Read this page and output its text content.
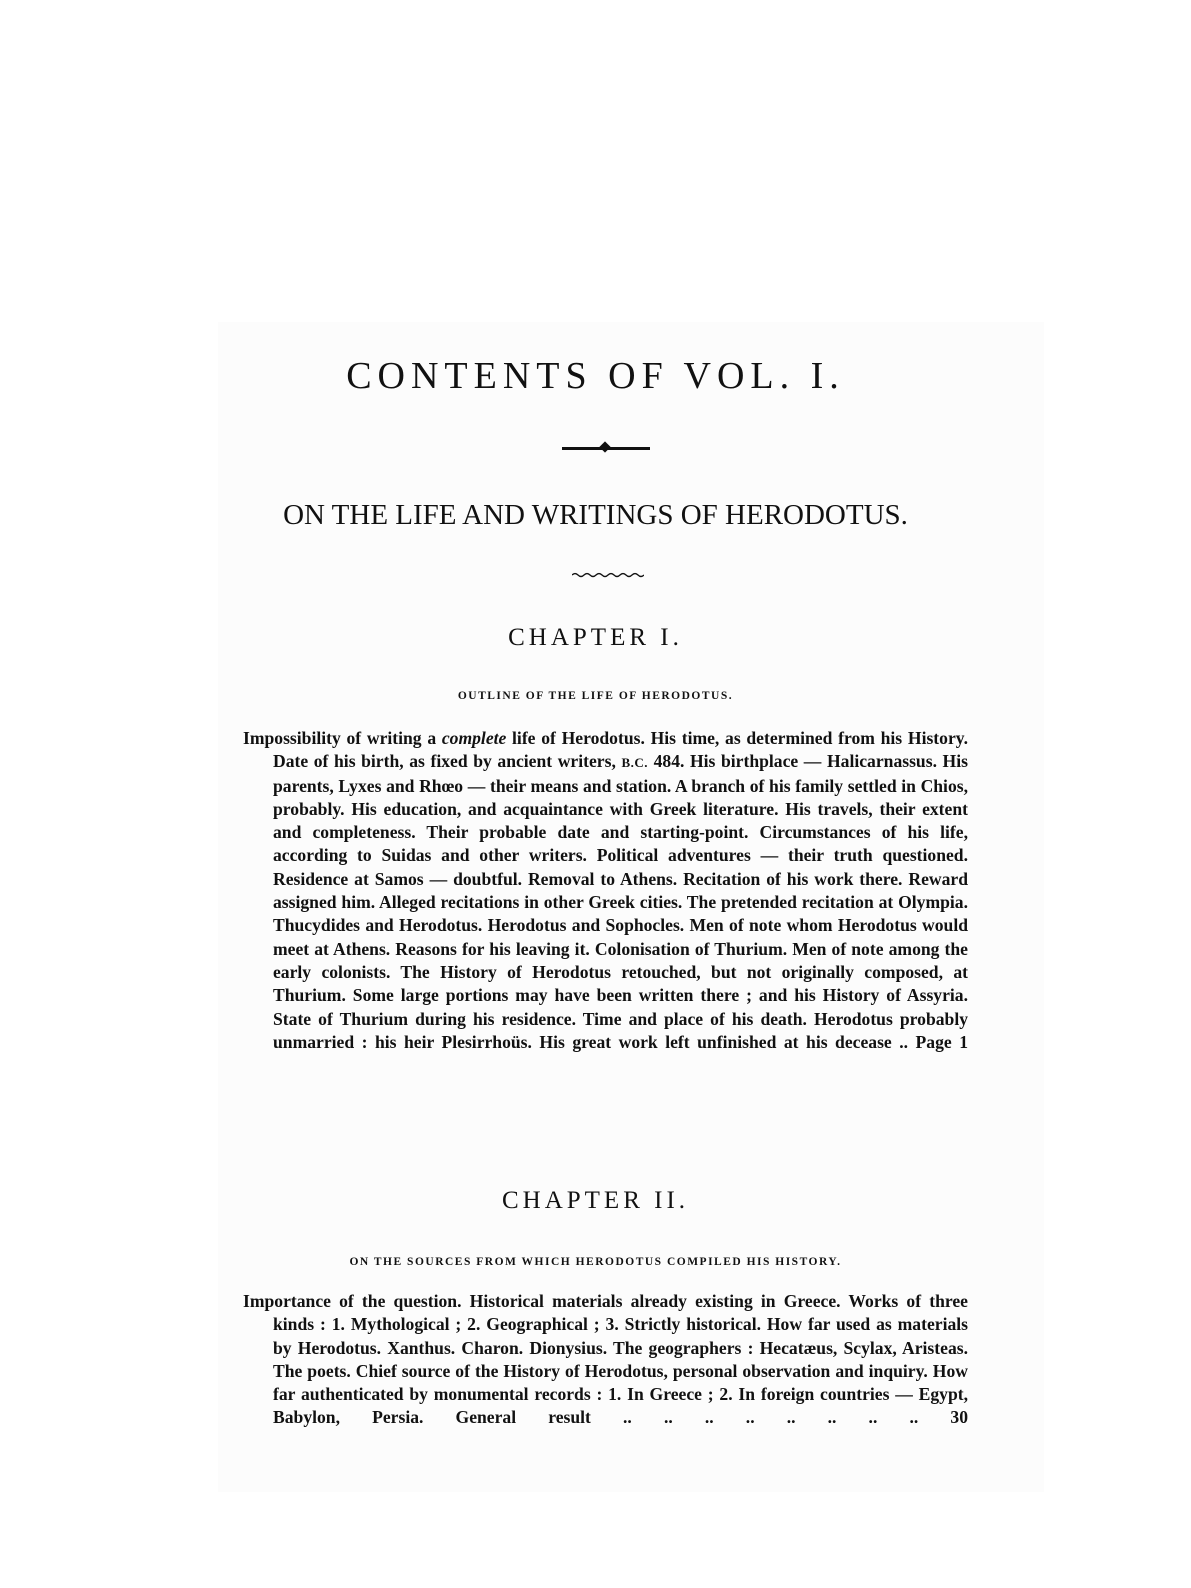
CONTENTS OF VOL. I.
ON THE LIFE AND WRITINGS OF HERODOTUS.
CHAPTER I.

OUTLINE OF THE LIFE OF HERODOTUS.

Impossibility of writing a complete life of Herodotus. His time, as determined from his History. Date of his birth, as fixed by ancient writers, B.C. 484. His birthplace — Halicarnassus. His parents, Lyxes and Rhœo — their means and station. A branch of his family settled in Chios, probably. His education, and acquaintance with Greek literature. His travels, their extent and completeness. Their probable date and starting-point. Circumstances of his life, according to Suidas and other writers. Political adventures — their truth questioned. Residence at Samos — doubtful. Removal to Athens. Recitation of his work there. Reward assigned him. Alleged recitations in other Greek cities. The pretended recitation at Olympia. Thucydides and Herodotus. Herodotus and Sophocles. Men of note whom Herodotus would meet at Athens. Reasons for his leaving it. Colonisation of Thurium. Men of note among the early colonists. The History of Herodotus retouched, but not originally composed, at Thurium. Some large portions may have been written there ; and his History of Assyria. State of Thurium during his residence. Time and place of his death. Herodotus probably unmarried : his heir Plesirrhoüs. His great work left unfinished at his decease .. Page 1

CHAPTER II.

ON THE SOURCES FROM WHICH HERODOTUS COMPILED HIS HISTORY.

Importance of the question. Historical materials already existing in Greece. Works of three kinds : 1. Mythological ; 2. Geographical ; 3. Strictly historical. How far used as materials by Herodotus. Xanthus. Charon. Dionysius. The geographers : Hecatæus, Scylax, Aristeas. The poets. Chief source of the History of Herodotus, personal observation and inquiry. How far authenticated by monumental records : 1. In Greece ; 2. In foreign countries — Egypt, Babylon, Persia. General result .. .. .. .. .. .. .. .. 30
